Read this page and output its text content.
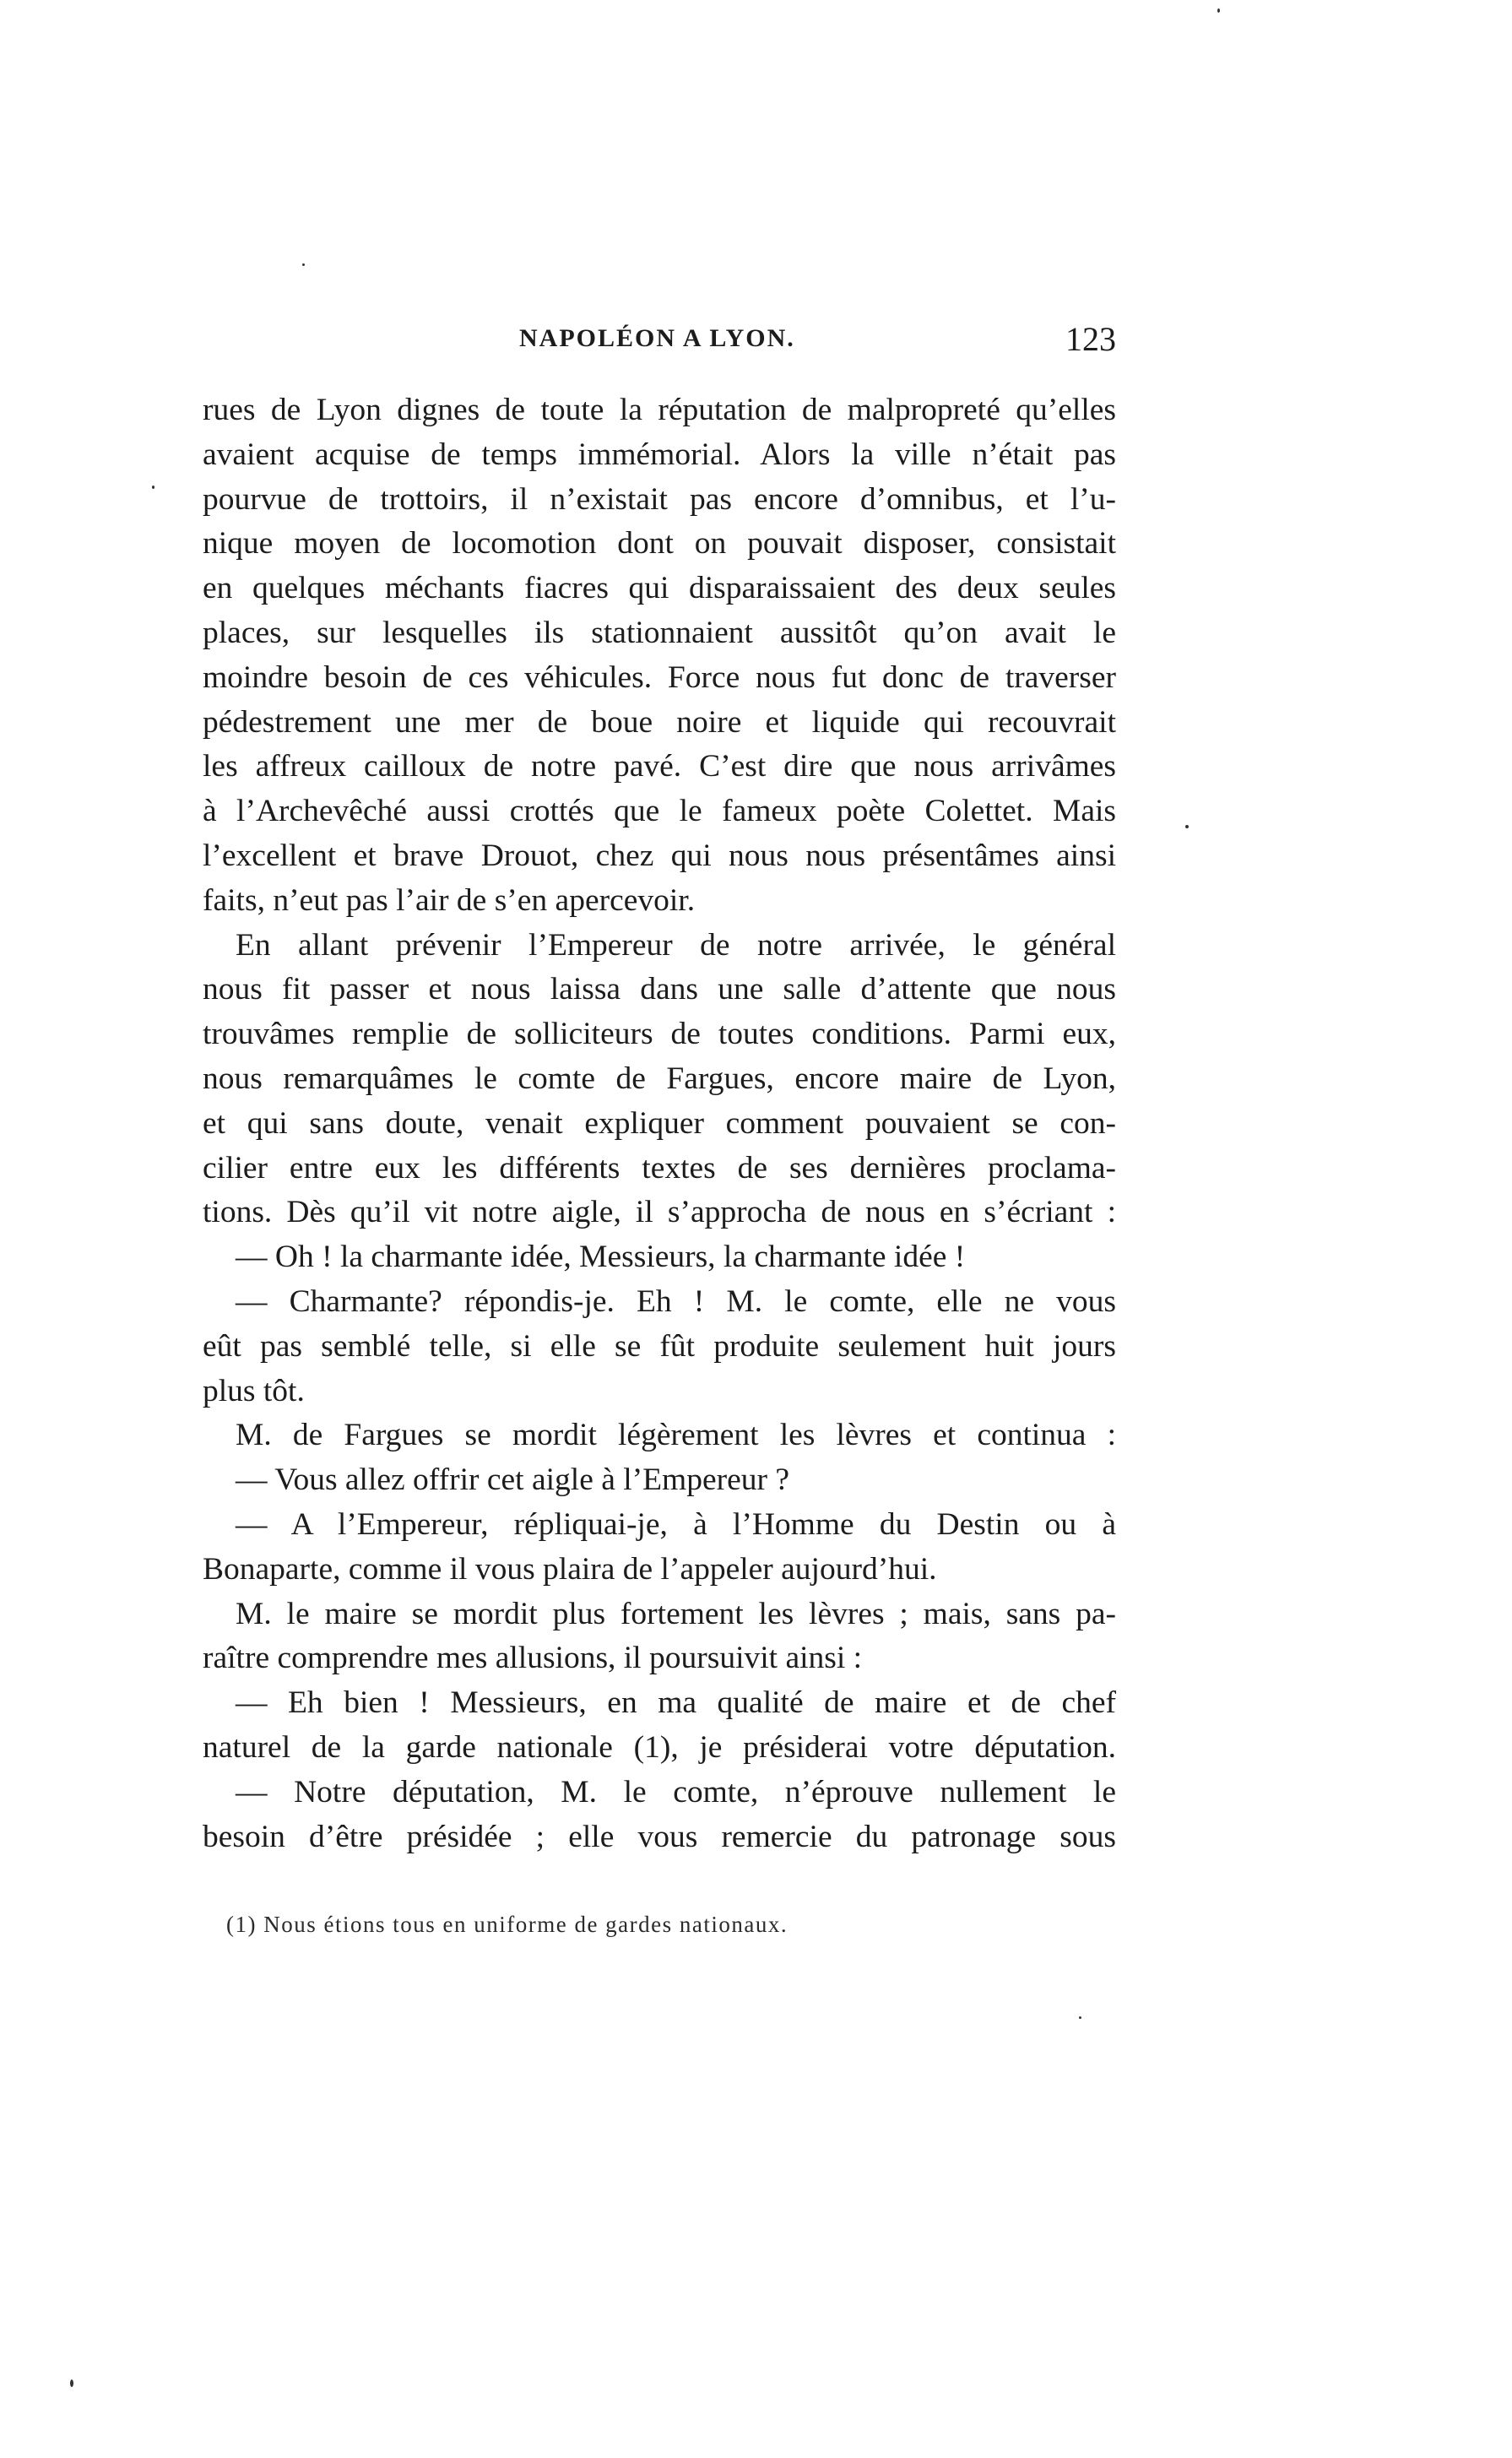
NAPOLÉON A LYON.	123
rues de Lyon dignes de toute la réputation de malpropreté qu’elles
avaient acquise de temps immémorial. Alors la ville n’était pas
pourvue de trottoirs, il n’existait pas encore d’omnibus, et l’u-
nique moyen de locomotion dont on pouvait disposer, consistait
en quelques méchants fiacres qui disparaissaient des deux seules
places, sur lesquelles ils stationnaient aussitôt qu’on avait le
moindre besoin de ces véhicules. Force nous fut donc de traverser
pédestrement une mer de boue noire et liquide qui recouvrait
les affreux cailloux de notre pavé. C’est dire que nous arrivâmes
à l’Archevêché aussi crottés que le fameux poète Colettet. Mais
l’excellent et brave Drouot, chez qui nous nous présentâmes ainsi
faits, n’eut pas l’air de s’en apercevoir.
En allant prévenir l’Empereur de notre arrivée, le général
nous fit passer et nous laissa dans une salle d’attente que nous
trouvâmes remplie de solliciteurs de toutes conditions. Parmi eux,
nous remarquâmes le comte de Fargues, encore maire de Lyon,
et qui sans doute, venait expliquer comment pouvaient se con-
cilier entre eux les différents textes de ses dernières proclama-
tions. Dès qu’il vit notre aigle, il s’approcha de nous en s’écriant :
— Oh ! la charmante idée, Messieurs, la charmante idée !
— Charmante? répondis-je. Eh ! M. le comte, elle ne vous
eût pas semblé telle, si elle se fût produite seulement huit jours
plus tôt.
M. de Fargues se mordit légèrement les lèvres et continua :
— Vous allez offrir cet aigle à l’Empereur ?
— A l’Empereur, répliquai-je, à l’Homme du Destin ou à
Bonaparte, comme il vous plaira de l’appeler aujourd’hui.
M. le maire se mordit plus fortement les lèvres ; mais, sans pa-
raître comprendre mes allusions, il poursuivit ainsi :
— Eh bien ! Messieurs, en ma qualité de maire et de chef
naturel de la garde nationale (1), je présiderai votre députation.
— Notre députation, M. le comte, n’éprouve nullement le
besoin d’être présidée ; elle vous remercie du patronage sous
(1) Nous étions tous en uniforme de gardes nationaux.
